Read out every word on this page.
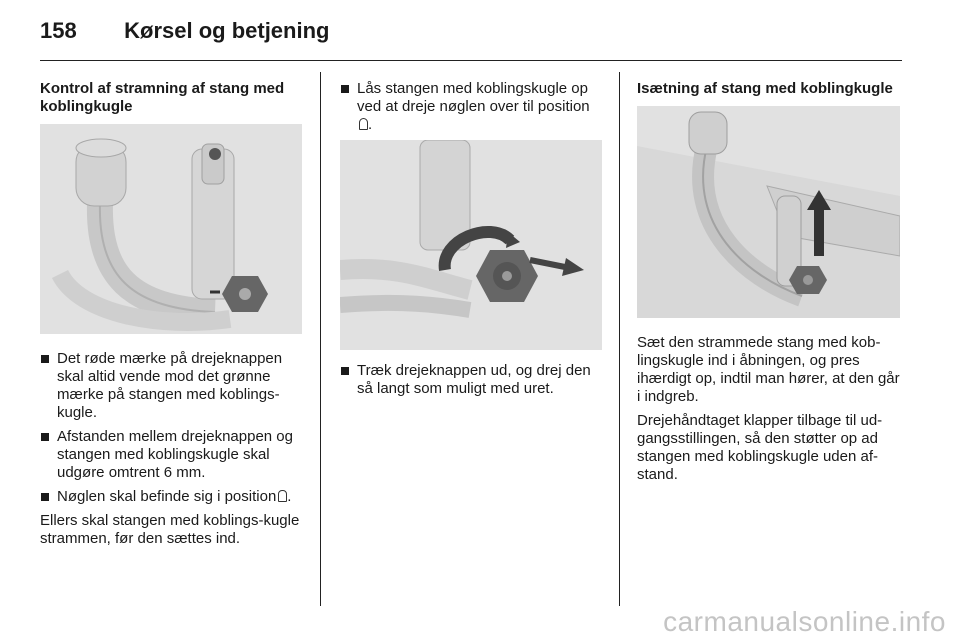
158 Kørsel og betjening
Kontrol af stramning af stang med koblingkugle
Det røde mærke på drejeknappen skal altid vende mod det grønne mærke på stangen med koblings-kugle.
Afstanden mellem drejeknappen og stangen med koblingskugle skal udgøre omtrent 6 mm.
Nøglen skal befinde sig i position .

Ellers skal stangen med koblings-kugle strammen, før den sættes ind.

Lås stangen med koblingskugle op ved at dreje nøglen over til position
.
Træk drejeknappen ud, og drej den så langt som muligt med uret.
Isætning af stang med koblingkugle

Sæt den strammede stang med kob-lingskugle ind i åbningen, og pres ihærdigt op, indtil man hører, at den går i indgreb.

Drejehåndtaget klapper tilbage til ud-gangsstillingen, så den støtter op ad stangen med koblingskugle uden af-stand.

carmanualsonline.info
